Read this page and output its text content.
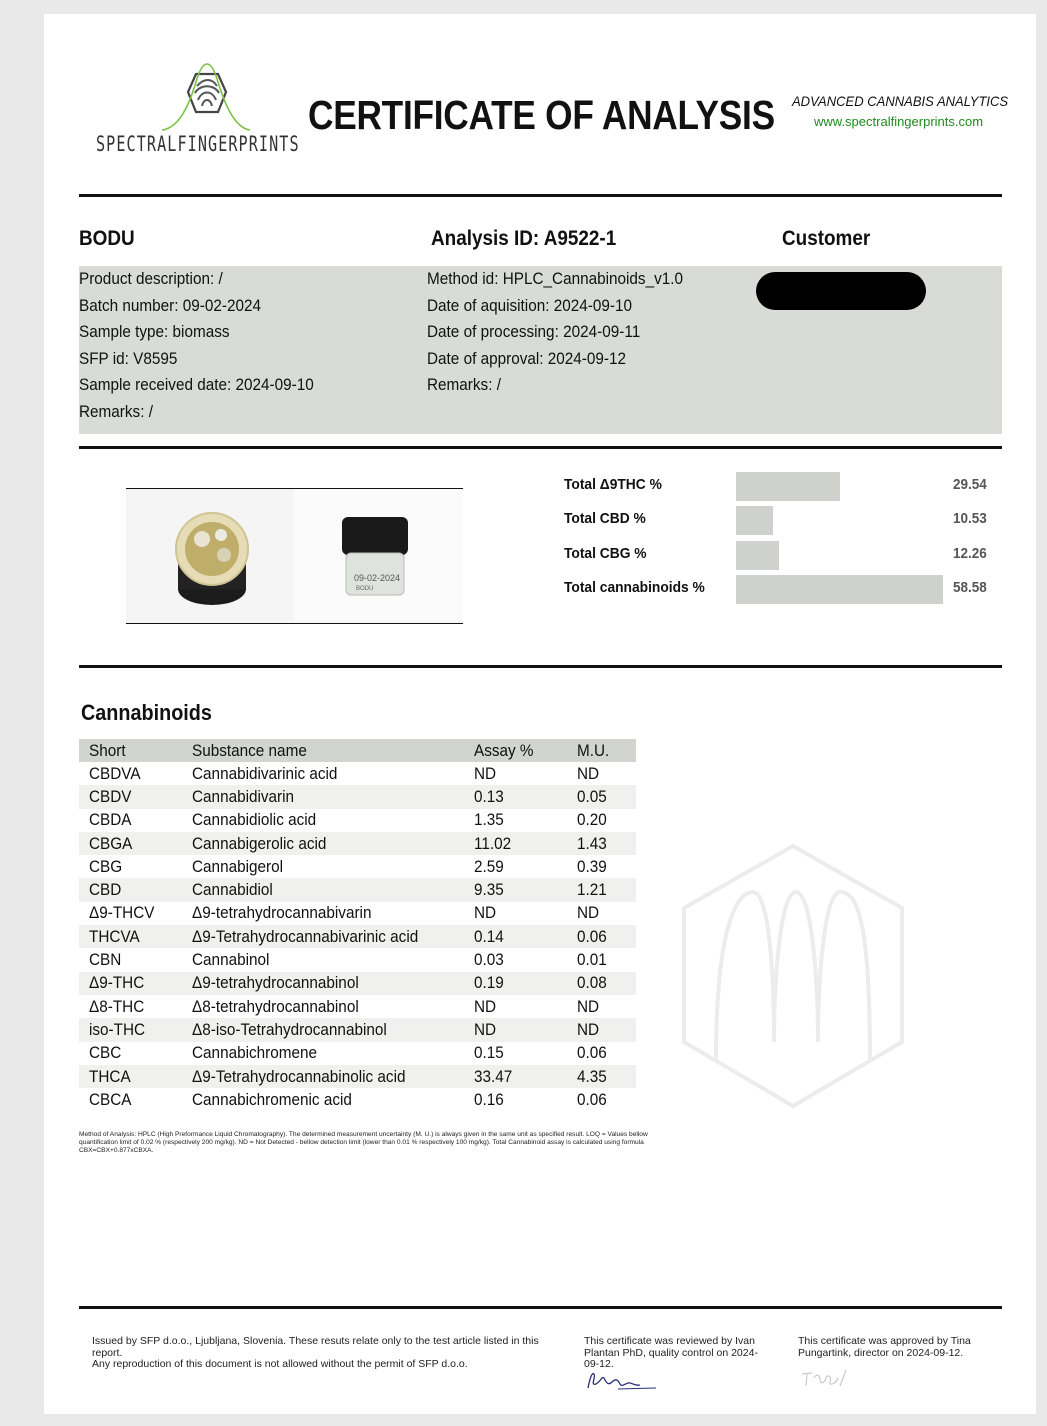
SPECTRALFINGERPRINTS
CERTIFICATE OF ANALYSIS ADVANCED CANNABIS ANALYTICS
www.spectralfingerprints.com
BODU	Analysis ID: A9522-1	Customer
Product description: /
Batch number: 09-02-2024
Sample type: biomass
SFP id: V8595
Sample received date: 2024-09-10
Remarks: /
Method id: HPLC_Cannabinoids_v1.0
Date of aquisition: 2024-09-10
Date of processing: 2024-09-11
Date of approval: 2024-09-12
Remarks: /
09-02-2024
BODU
Total Δ9THC %	29.54
Total CBD %	10.53
Total CBG %	12.26
Total cannabinoids %	58.58
Cannabinoids
Short	Substance name	Assay %	M.U.
CBDVA	Cannabidivarinic acid	ND	ND
CBDV	Cannabidivarin	0.13	0.05
CBDA	Cannabidiolic acid	1.35	0.20
CBGA	Cannabigerolic acid	11.02	1.43
CBG	Cannabigerol	2.59	0.39
CBD	Cannabidiol	9.35	1.21
Δ9-THCV	Δ9-tetrahydrocannabivarin	ND	ND
THCVA	Δ9-Tetrahydrocannabivarinic acid	0.14	0.06
CBN	Cannabinol	0.03	0.01
Δ9-THC	Δ9-tetrahydrocannabinol	0.19	0.08
Δ8-THC	Δ8-tetrahydrocannabinol	ND	ND
iso-THC	Δ8-iso-Tetrahydrocannabinol	ND	ND
CBC	Cannabichromene	0.15	0.06
THCA	Δ9-Tetrahydrocannabinolic acid	33.47	4.35
CBCA	Cannabichromenic acid	0.16	0.06
Method of Analysis: HPLC (High Preformance Liquid Chromatography). The determined measurement uncertainty (M. U.) is always given in the same unit as specified result. LOQ = Values bellow quantification limit of 0.02 % (respectively 200 mg/kg). ND = Not Detected - bellow detection limit (lower than 0.01 % respectively 100 mg/kg). Total Cannabinoid assay is calculated using formula CBX=CBX+0.877xCBXA.
Issued by SFP d.o.o., Ljubljana, Slovenia. These resuts relate only to the test article listed in this report.
Any reproduction of this document is not allowed without the permit of SFP d.o.o.
This certificate was reviewed by Ivan Plantan PhD, quality control on 2024-09-12.
This certificate was approved by Tina Pungartink, director on 2024-09-12.
